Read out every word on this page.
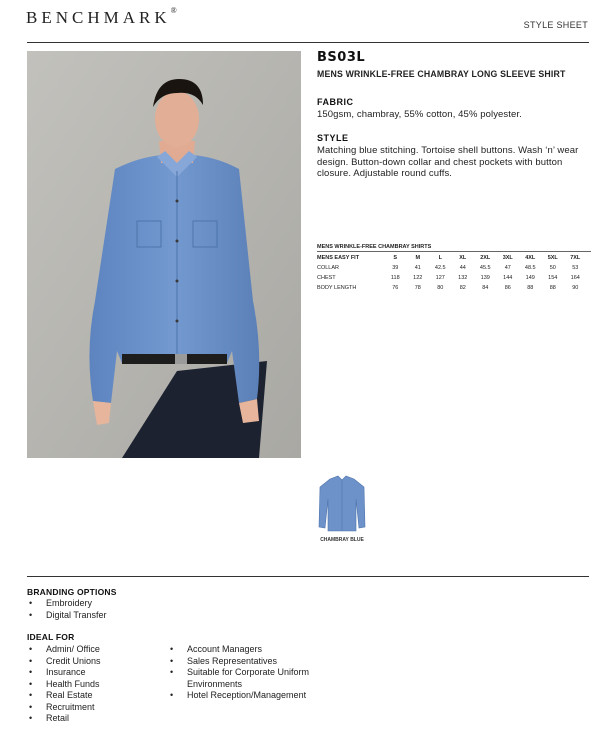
BENCHMARK®
STYLE SHEET
BS03L
MENS WRINKLE-FREE CHAMBRAY LONG SLEEVE SHIRT
FABRIC
150gsm, chambray, 55% cotton, 45% polyester.
STYLE
Matching blue stitching. Tortoise shell buttons. Wash ‘n’ wear design. Button-down collar and chest pockets with button closure. Adjustable round cuffs.
MENS WRINKLE-FREE CHAMBRAY SHIRTS
MENS EASY FIT	S	M	L	XL	2XL	3XL	4XL	5XL	7XL
COLLAR	39	41	42.5	44	45.5	47	48.5	50	53
CHEST	118	122	127	132	139	144	149	154	164
BODY LENGTH	76	78	80	82	84	86	88	88	90
CHAMBRAY BLUE
BRANDING OPTIONS
• Embroidery
• Digital Transfer
IDEAL FOR
• Admin/ Office
• Credit Unions
• Insurance
• Health Funds
• Real Estate
• Recruitment
• Retail
• Account Managers
• Sales Representatives
• Suitable for Corporate Uniform Environments
• Hotel Reception/Management
